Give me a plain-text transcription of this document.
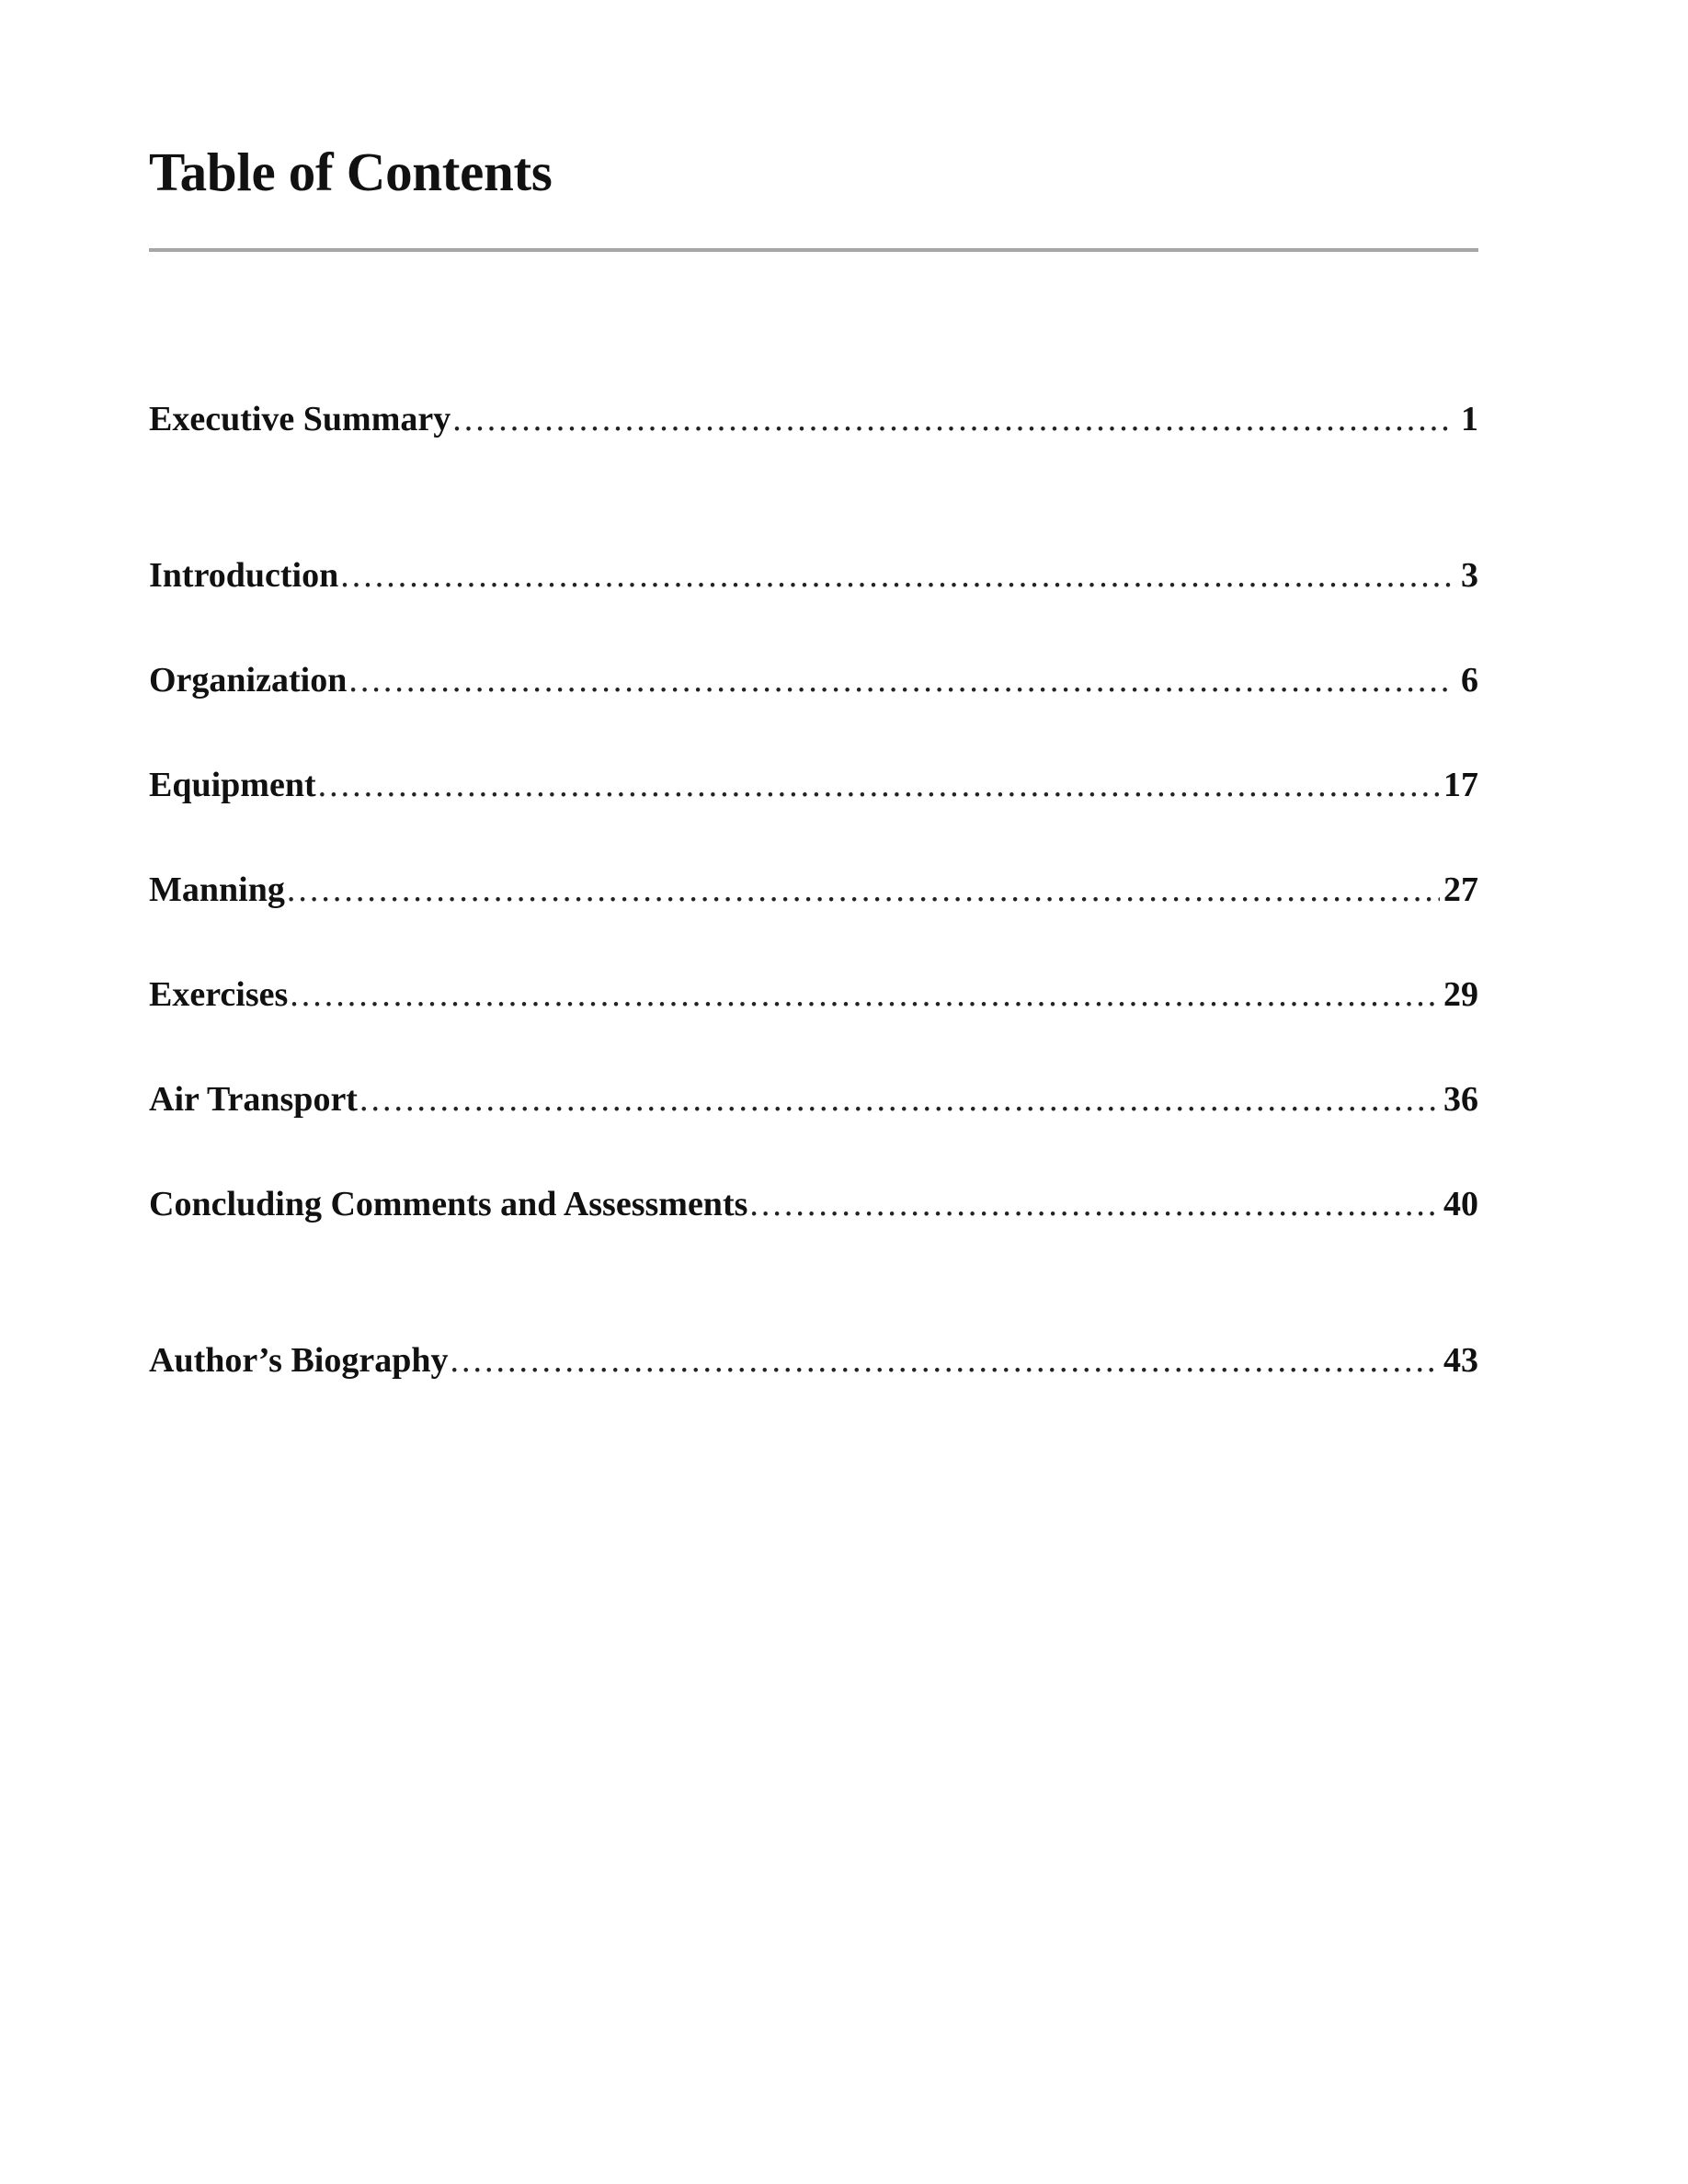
Table of Contents
Executive Summary .....	1
Introduction .....	3
Organization .....	6
Equipment .....	17
Manning .....	27
Exercises .....	29
Air Transport .....	36
Concluding Comments and Assessments .....	40
Author’s Biography .....	43
